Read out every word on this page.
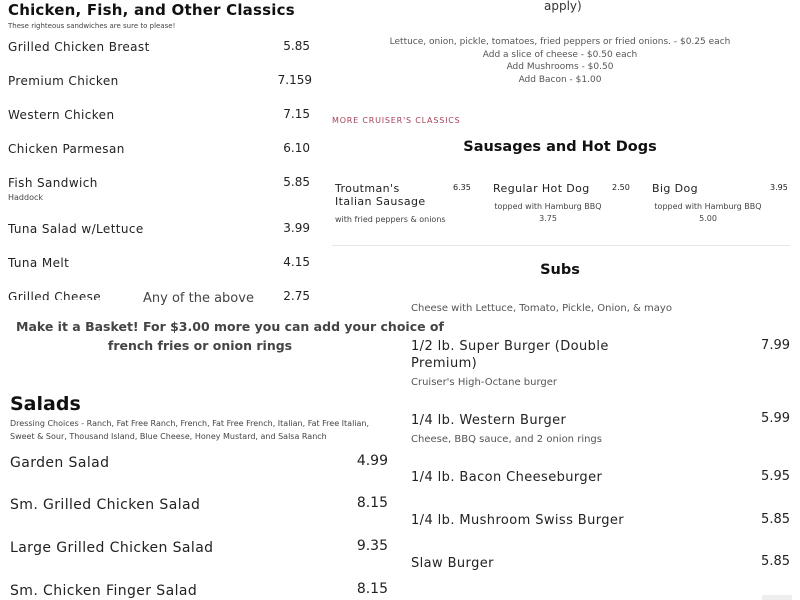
Chicken, Fish, and Other Classics
These righteous sandwiches are sure to please!
Grilled Chicken Breast	5.85
Premium Chicken	7.159
Western Chicken	7.15
Chicken Parmesan	6.10
Fish Sandwich	5.85
Haddock
Tuna Salad w/Lettuce	3.99
Tuna Melt	4.15
Grilled Cheese	2.75
Any of the above
Make it a Basket! For $3.00 more you can add your choice of
french fries or onion rings
Salads
Dressing Choices - Ranch, Fat Free Ranch, French, Fat Free French, Italian, Fat Free Italian, Sweet & Sour, Thousand Island, Blue Cheese, Honey Mustard, and Salsa Ranch
Garden Salad	4.99
Sm. Grilled Chicken Salad	8.15
Large Grilled Chicken Salad	9.35
Sm. Chicken Finger Salad	8.15
apply)
Lettuce, onion, pickle, tomatoes, fried peppers or fried onions. - $0.25 each
Add a slice of cheese - $0.50 each
Add Mushrooms - $0.50
Add Bacon - $1.00
MORE CRUISER'S CLASSICS
Sausages and Hot Dogs
Troutman's
Italian Sausage
6.35
with fried peppers & onions
Regular Hot Dog	2.50
topped with Hamburg BBQ
3.75
Big Dog	3.95
topped with Hamburg BBQ
5.00
Subs
Cheese with Lettuce, Tomato, Pickle, Onion, & mayo
1/2 lb. Super Burger (Double
Premium)
7.99
Cruiser's High-Octane burger
1/4 lb. Western Burger	5.99
Cheese, BBQ sauce, and 2 onion rings
1/4 lb. Bacon Cheeseburger	5.95
1/4 lb. Mushroom Swiss Burger	5.85
Slaw Burger	5.85
